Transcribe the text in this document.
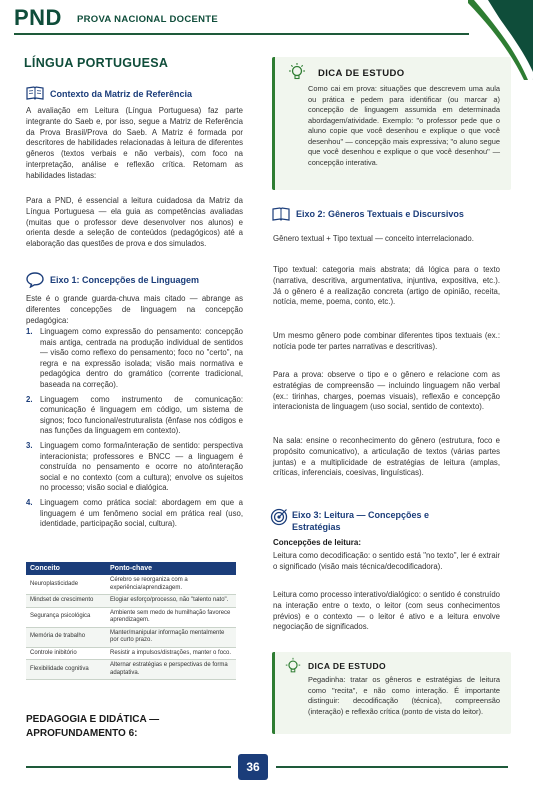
PND PROVA NACIONAL DOCENTE
LÍNGUA PORTUGUESA
Contexto da Matriz de Referência
A avaliação em Leitura (Língua Portuguesa) faz parte integrante do Saeb e, por isso, segue a Matriz de Referência da Prova Brasil/Prova do Saeb. A Matriz é formada por descritores de habilidades relacionadas à leitura de diferentes gêneros (textos verbais e não verbais), com foco na interpretação, análise e reflexão crítica. Retomam as habilidades listadas:
Para a PND, é essencial a leitura cuidadosa da Matriz da Língua Portuguesa — ela guia as competências avaliadas (muitas que o professor deve desenvolver nos alunos) e orienta desde a seleção de conteúdos (pedagógicos) até a elaboração das questões de prova e dos simulados.
Eixo 1: Concepções de Linguagem
Este é o grande guarda-chuva mais citado — abrange as diferentes concepções de linguagem na concepção pedagógica:
1. Linguagem como expressão do pensamento: concepção mais antiga, centrada na produção individual de sentidos — visão como reflexo do pensamento; foco no "certo", na regra e na expressão isolada; visão mais normativa e pedagógica dentro do gramático (corrente tradicional, baseada na correção).
2. Linguagem como instrumento de comunicação: comunicação é linguagem em código, um sistema de signos; foco funcional/estruturalista (ênfase nos códigos e nas funções da linguagem em contexto).
3. Linguagem como forma/interação de sentido: perspectiva interacionista; professores e BNCC — a linguagem é construída no pensamento e ocorre no ato/interação social e no contexto (com a cultura); envolve os sujeitos no processo; visão social e dialógica.
4. Linguagem como prática social: abordagem em que a linguagem é um fenômeno social em prática real (uso, identidade, participação social, cultura).
Conceito	Ponto-chave
Neuroplasticidade	Cérebro se reorganiza com a experiência/aprendizagem.
Mindset de crescimento	Elogiar esforço/processo, não "talento nato".
Segurança psicológica	Ambiente sem medo de humilhação favorece aprendizagem.
Memória de trabalho	Manter/manipular informação mentalmente por curto prazo.
Controle inibitório	Resistir a impulsos/distrações, manter o foco.
Flexibilidade cognitiva	Alternar estratégias e perspectivas de forma adaptativa.
PEDAGOGIA E DIDÁTICA —
APROFUNDAMENTO 6:
DICA DE ESTUDO
Como cai em prova: situações que descrevem uma aula ou prática e pedem para identificar (ou marcar a) concepção de linguagem assumida em determinada abordagem/atividade. Exemplo: "o professor pede que o aluno copie que você desenhou e explique o que você desenhou" — concepção mais expressiva; "o aluno segue que você desenhou e explique o que você desenhou" — concepção interativa.
Eixo 2: Gêneros Textuais e Discursivos
Gênero textual + Tipo textual — conceito interrelacionado.
Tipo textual: categoria mais abstrata; dá lógica para o texto (narrativa, descritiva, argumentativa, injuntiva, expositiva, etc.). Já o gênero é a realização concreta (artigo de opinião, receita, notícia, meme, poema, conto, etc.).
Um mesmo gênero pode combinar diferentes tipos textuais (ex.: notícia pode ter partes narrativas e descritivas).
Para a prova: observe o tipo e o gênero e relacione com as estratégias de compreensão — incluindo linguagem não verbal (ex.: tirinhas, charges, poemas visuais), reflexão e concepção interacionista de linguagem (uso social, sentido de contexto).
Na sala: ensine o reconhecimento do gênero (estrutura, foco e propósito comunicativo), a articulação de textos (várias partes juntas) e a multiplicidade de estratégias de leitura (amplas, críticas, inferenciais, coesivas, linguísticas).
Eixo 3: Leitura — Concepções e
Estratégias
Concepções de leitura:
Leitura como decodificação: o sentido está "no texto", ler é extrair o significado (visão mais técnica/decodificadora).
Leitura como processo interativo/dialógico: o sentido é construído na interação entre o texto, o leitor (com seus conhecimentos prévios) e o contexto — o leitor é ativo e a leitura envolve negociação de significados.
DICA DE ESTUDO
Pegadinha: tratar os gêneros e estratégias de leitura como "recita", e não como interação. É importante distinguir: decodificação (técnica), compreensão (interação) e reflexão crítica (ponto de vista do leitor).
36
